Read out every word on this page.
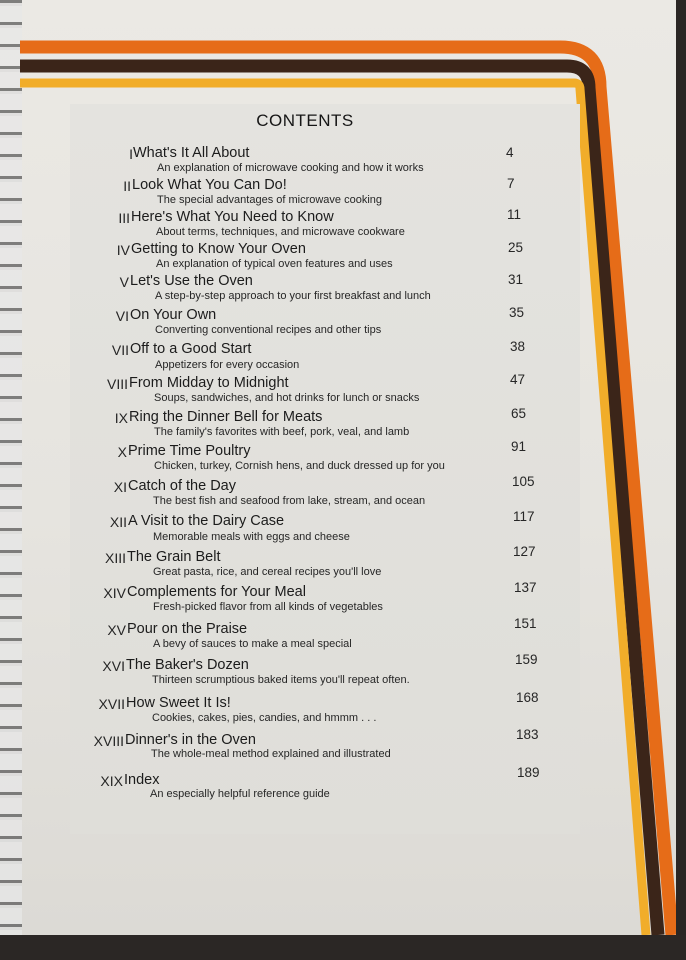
CONTENTS
I What's It All About
An explanation of microwave cooking and how it works
4
II Look What You Can Do!
The special advantages of microwave cooking
7
III Here's What You Need to Know
About terms, techniques, and microwave cookware
11
IV Getting to Know Your Oven
An explanation of typical oven features and uses
25
V Let's Use the Oven
A step-by-step approach to your first breakfast and lunch
31
VI On Your Own
Converting conventional recipes and other tips
35
VII Off to a Good Start
Appetizers for every occasion
38
VIII From Midday to Midnight
Soups, sandwiches, and hot drinks for lunch or snacks
47
IX Ring the Dinner Bell for Meats
The family's favorites with beef, pork, veal, and lamb
65
X Prime Time Poultry
Chicken, turkey, Cornish hens, and duck dressed up for you
91
XI Catch of the Day
The best fish and seafood from lake, stream, and ocean
105
XII A Visit to the Dairy Case
Memorable meals with eggs and cheese
117
XIII The Grain Belt
Great pasta, rice, and cereal recipes you'll love
127
XIV Complements for Your Meal
Fresh-picked flavor from all kinds of vegetables
137
XV Pour on the Praise
A bevy of sauces to make a meal special
151
XVI The Baker's Dozen
Thirteen scrumptious baked items you'll repeat often.
159
XVII How Sweet It Is!
Cookies, cakes, pies, candies, and hmmm . . .
168
XVIII Dinner's in the Oven
The whole-meal method explained and illustrated
183
XIX Index
An especially helpful reference guide
189
